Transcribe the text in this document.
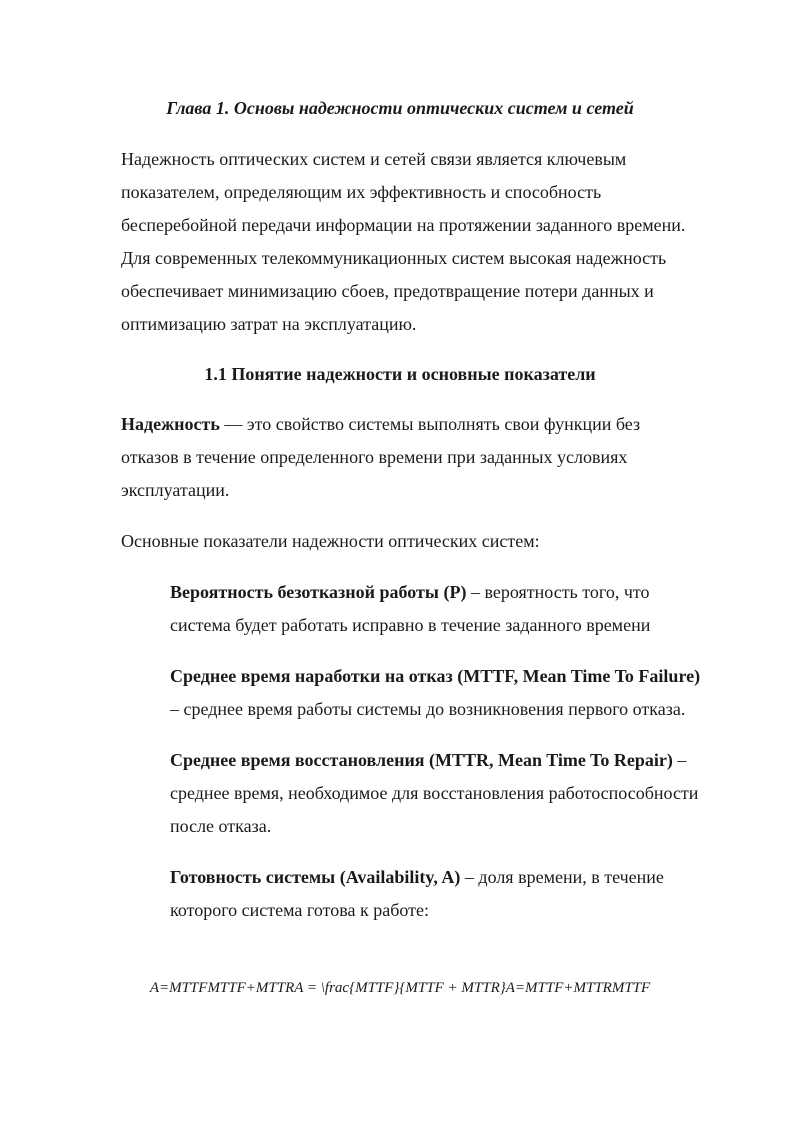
Глава 1. Основы надежности оптических систем и сетей

Надежность оптических систем и сетей связи является ключевым показателем, определяющим их эффективность и способность бесперебойной передачи информации на протяжении заданного времени. Для современных телекоммуникационных систем высокая надежность обеспечивает минимизацию сбоев, предотвращение потери данных и оптимизацию затрат на эксплуатацию.

1.1 Понятие надежности и основные показатели

Надежность — это свойство системы выполнять свои функции без отказов в течение определенного времени при заданных условиях эксплуатации.

Основные показатели надежности оптических систем:

Вероятность безотказной работы (P) – вероятность того, что система будет работать исправно в течение заданного времени
Среднее время наработки на отказ (MTTF, Mean Time To Failure) – среднее время работы системы до возникновения первого отказа.
Среднее время восстановления (MTTR, Mean Time To Repair) – среднее время, необходимое для восстановления работоспособности после отказа.
Готовность системы (Availability, A) – доля времени, в течение которого система готова к работе:

A=MTTFMTTF+MTTRA = \frac{MTTF}{MTTF + MTTR}A=MTTF+MTTRMTTF
